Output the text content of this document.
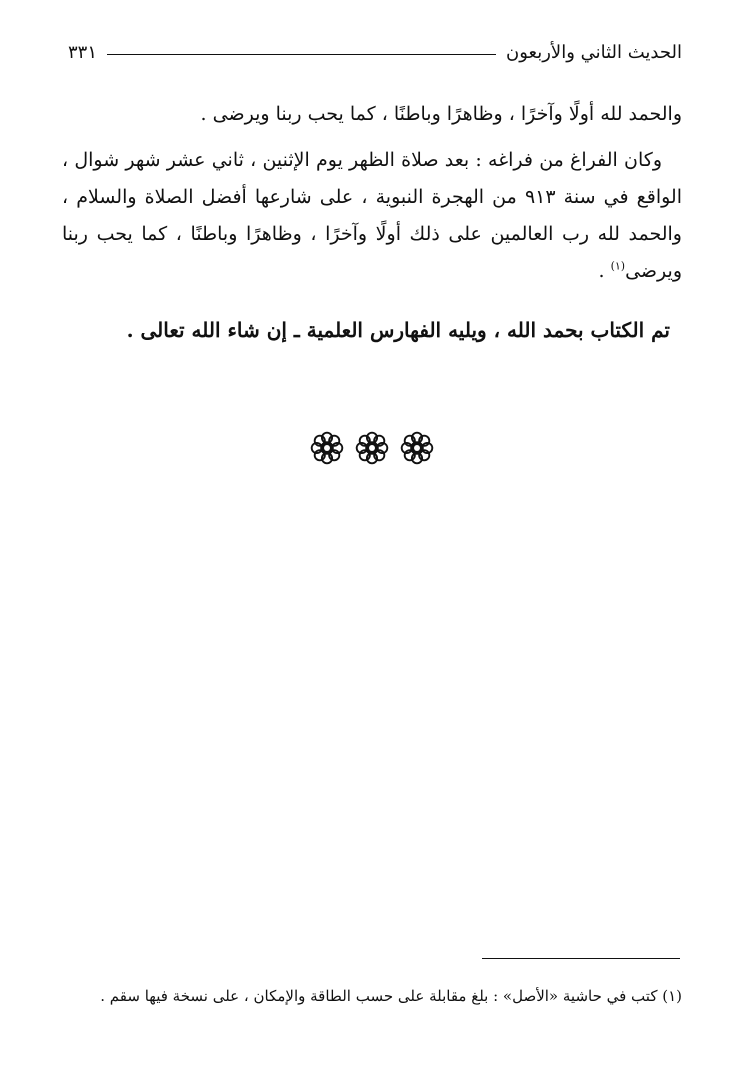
الحديث الثاني والأربعون
٣٣١

والحمد لله أولًا وآخرًا ، وظاهرًا وباطنًا ، كما يحب ربنا ويرضى .

وكان الفراغ من فراغه : بعد صلاة الظهر يوم الإثنين ، ثاني عشر شهر شوال ، الواقع في سنة ٩١٣ من الهجرة النبوية ، على شارعها أفضل الصلاة والسلام ، والحمد لله رب العالمين على ذلك أولًا وآخرًا ، وظاهرًا وباطنًا ، كما يحب ربنا ويرضى$^{(١)}$ .

تم الكتاب بحمد الله ، ويليه الفهارس العلمية ـ إن شاء الله تعالى .

(١) كتب في حاشية «الأصل» : بلغ مقابلة على حسب الطاقة والإمكان ، على نسخة فيها سقم .
